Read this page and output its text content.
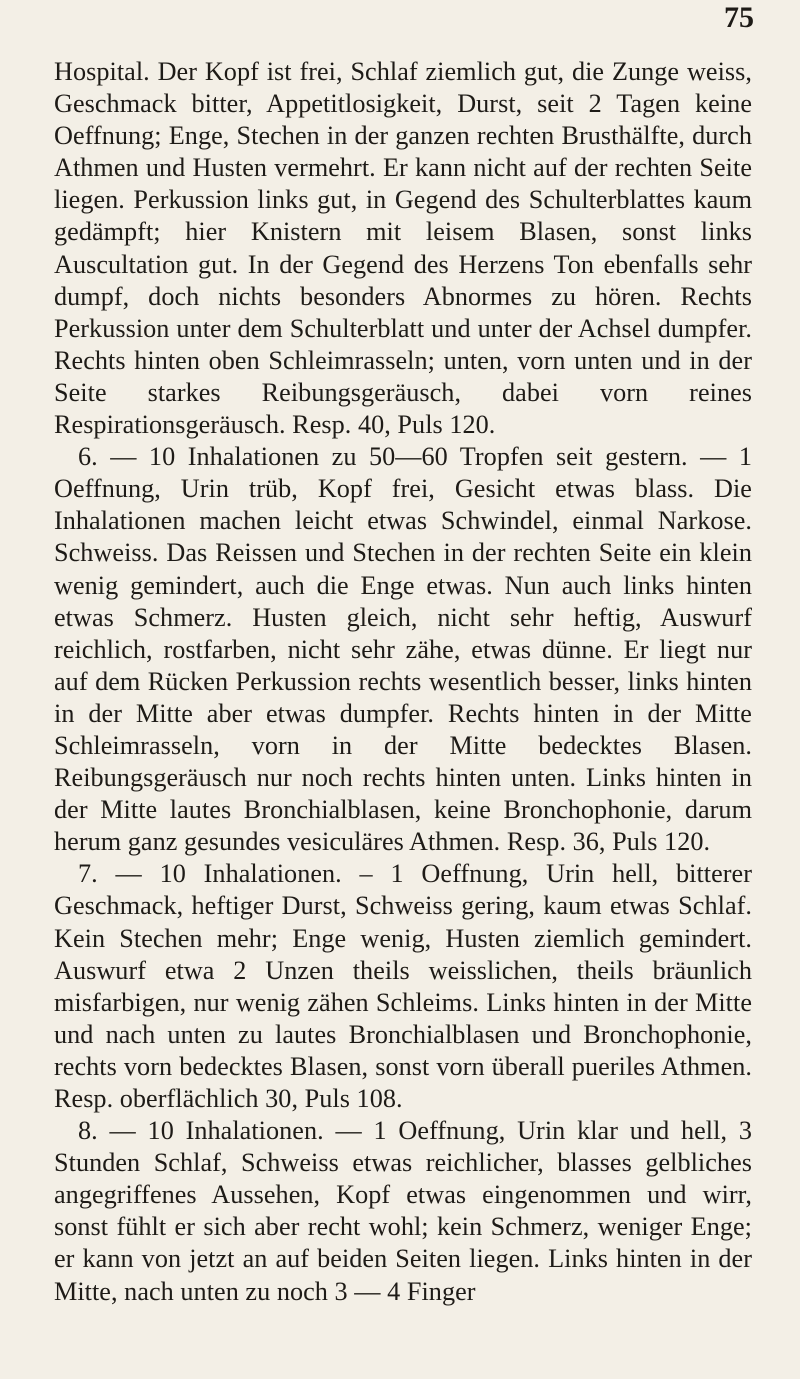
75

Hospital. Der Kopf ist frei, Schlaf ziemlich gut, die Zunge weiss, Geschmack bitter, Appetitlosigkeit, Durst, seit 2 Tagen keine Oeffnung; Enge, Stechen in der ganzen rechten Brusthälfte, durch Athmen und Husten vermehrt. Er kann nicht auf der rechten Seite liegen. Perkussion links gut, in Gegend des Schulterblattes kaum gedämpft; hier Knistern mit leisem Blasen, sonst links Auscultation gut. In der Gegend des Herzens Ton ebenfalls sehr dumpf, doch nichts besonders Abnormes zu hören. Rechts Perkussion unter dem Schulterblatt und unter der Achsel dumpfer. Rechts hinten oben Schleimrasseln; unten, vorn unten und in der Seite starkes Reibungsgeräusch, dabei vorn reines Respirationsgeräusch. Resp. 40, Puls 120.

6. — 10 Inhalationen zu 50—60 Tropfen seit gestern. — 1 Oeffnung, Urin trüb, Kopf frei, Gesicht etwas blass. Die Inhalationen machen leicht etwas Schwindel, einmal Narkose. Schweiss. Das Reissen und Stechen in der rechten Seite ein klein wenig gemindert, auch die Enge etwas. Nun auch links hinten etwas Schmerz. Husten gleich, nicht sehr heftig, Auswurf reichlich, rostfarben, nicht sehr zähe, etwas dünne. Er liegt nur auf dem Rücken Perkussion rechts wesentlich besser, links hinten in der Mitte aber etwas dumpfer. Rechts hinten in der Mitte Schleimrasseln, vorn in der Mitte bedecktes Blasen. Reibungsgeräusch nur noch rechts hinten unten. Links hinten in der Mitte lautes Bronchialblasen, keine Bronchophonie, darum herum ganz gesundes vesiculäres Athmen. Resp. 36, Puls 120.

7. — 10 Inhalationen. – 1 Oeffnung, Urin hell, bitterer Geschmack, heftiger Durst, Schweiss gering, kaum etwas Schlaf. Kein Stechen mehr; Enge wenig, Husten ziemlich gemindert. Auswurf etwa 2 Unzen theils weisslichen, theils bräunlich misfarbigen, nur wenig zähen Schleims. Links hinten in der Mitte und nach unten zu lautes Bronchialblasen und Bronchophonie, rechts vorn bedecktes Blasen, sonst vorn überall pueriles Athmen. Resp. oberflächlich 30, Puls 108.

8. — 10 Inhalationen. — 1 Oeffnung, Urin klar und hell, 3 Stunden Schlaf, Schweiss etwas reichlicher, blasses gelbliches angegriffenes Aussehen, Kopf etwas eingenommen und wirr, sonst fühlt er sich aber recht wohl; kein Schmerz, weniger Enge; er kann von jetzt an auf beiden Seiten liegen. Links hinten in der Mitte, nach unten zu noch 3 — 4 Finger
